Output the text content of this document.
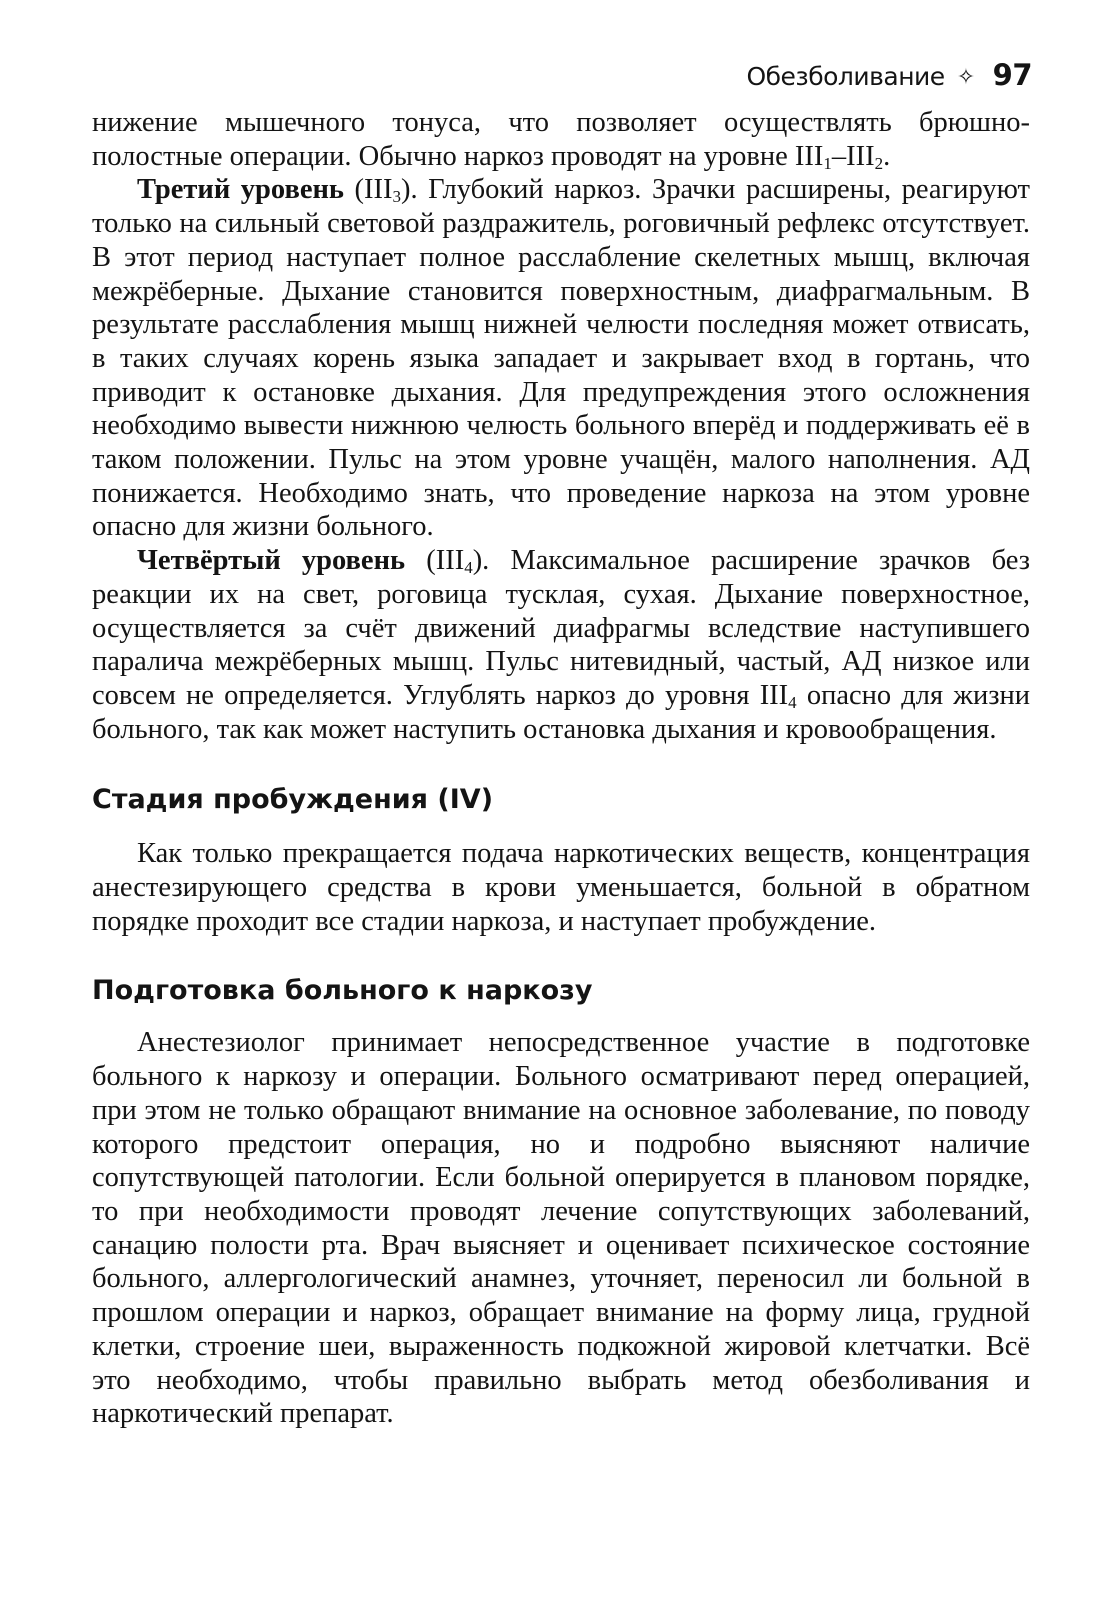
Обезболивание ✧ 97

нижение мышечного тонуса, что позволяет осуществлять брюшно-полостные операции. Обычно наркоз проводят на уровне $III_1-III_2$.

Третий уровень $(III_3)$. Глубокий наркоз. Зрачки расширены, реагируют только на сильный световой раздражитель, роговичный рефлекс отсутствует. В этот период наступает полное расслабление скелетных мышц, включая межрёберные. Дыхание становится поверхностным, диафрагмальным. В результате расслабления мышц нижней челюсти последняя может отвисать, в таких случаях корень языка западает и закрывает вход в гортань, что приводит к остановке дыхания. Для предупреждения этого осложнения необходимо вывести нижнюю челюсть больного вперёд и поддерживать её в таком положении. Пульс на этом уровне учащён, малого наполнения. АД понижается. Необходимо знать, что проведение наркоза на этом уровне опасно для жизни больного.

Четвёртый уровень $(III_4)$. Максимальное расширение зрачков без реакции их на свет, роговица тусклая, сухая. Дыхание поверхностное, осуществляется за счёт движений диафрагмы вследствие наступившего паралича межрёберных мышц. Пульс нитевидный, частый, АД низкое или совсем не определяется. Углублять наркоз до уровня $III_4$ опасно для жизни больного, так как может наступить остановка дыхания и кровообращения.

Стадия пробуждения (IV)

Как только прекращается подача наркотических веществ, концентрация анестезирующего средства в крови уменьшается, больной в обратном порядке проходит все стадии наркоза, и наступает пробуждение.

Подготовка больного к наркозу

Анестезиолог принимает непосредственное участие в подготовке больного к наркозу и операции. Больного осматривают перед операцией, при этом не только обращают внимание на основное заболевание, по поводу которого предстоит операция, но и подробно выясняют наличие сопутствующей патологии. Если больной оперируется в плановом порядке, то при необходимости проводят лечение сопутствующих заболеваний, санацию полости рта. Врач выясняет и оценивает психическое состояние больного, аллергологический анамнез, уточняет, переносил ли больной в прошлом операции и наркоз, обращает внимание на форму лица, грудной клетки, строение шеи, выраженность подкожной жировой клетчатки. Всё это необходимо, чтобы правильно выбрать метод обезболивания и наркотический препарат.
